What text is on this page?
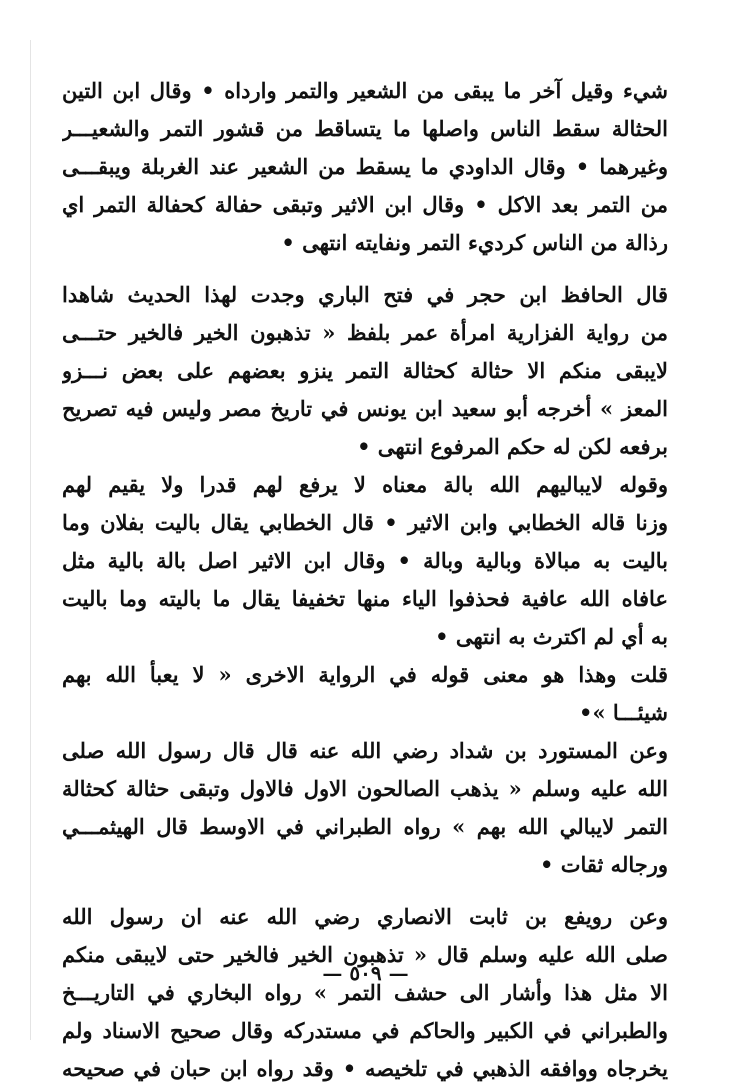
شيء وقيل آخر ما يبقى من الشعير والتمر وارداه • وقال ابن التين
الحثالة سقط الناس واصلها ما يتساقط من قشور التمر والشعيـــر
وغيرهما • وقال الداودي ما يسقط من الشعير عند الغربلة ويبقـــى
من التمر بعد الاكل • وقال ابن الاثير وتبقى حفالة كحفالة التمر اي
رذالة من الناس كرديء التمر ونفايته انتهى •
قال الحافظ ابن حجر في فتح الباري وجدت لهذا الحديث شاهدا
من رواية الفزارية امرأة عمر بلفظ « تذهبون الخير فالخير حتـــى
لايبقى منكم الا حثالة كحثالة التمر ينزو بعضهم على بعض نـــزو
المعز » أخرجه أبو سعيد ابن يونس في تاريخ مصر وليس فيه تصريح
برفعه لكن له حكم المرفوع انتهى •
وقوله لايباليهم الله بالة معناه لا يرفع لهم قدرا ولا يقيم لهم
وزنا قاله الخطابي وابن الاثير • قال الخطابي يقال باليت بفلان وما
باليت به مبالاة وبالية وبالة • وقال ابن الاثير اصل بالة بالية مثل
عافاه الله عافية فحذفوا الياء منها تخفيفا يقال ما باليته وما باليت
به أي لم اكترث به انتهى •
قلت وهذا هو معنى قوله في الرواية الاخرى « لا يعبأ الله بهم
شيئـــا »•
وعن المستورد بن شداد رضي الله عنه قال قال رسول الله صلى
الله عليه وسلم « يذهب الصالحون الاول فالاول وتبقى حثالة كحثالة
التمر لايبالي الله بهم » رواه الطبراني في الاوسط قال الهيثمـــي
ورجاله ثقات •
وعن رويفع بن ثابت الانصاري رضي الله عنه ان رسول الله
صلى الله عليه وسلم قال « تذهبون الخير فالخير حتى لايبقى منكم
الا مثل هذا وأشار الى حشف التمر » رواه البخاري في التاريـــخ
والطبراني في الكبير والحاكم في مستدركه وقال صحيح الاسناد ولم
يخرجاه ووافقه الذهبي في تلخيصه • وقد رواه ابن حبان في صحيحه
— ٥٠٩ —
